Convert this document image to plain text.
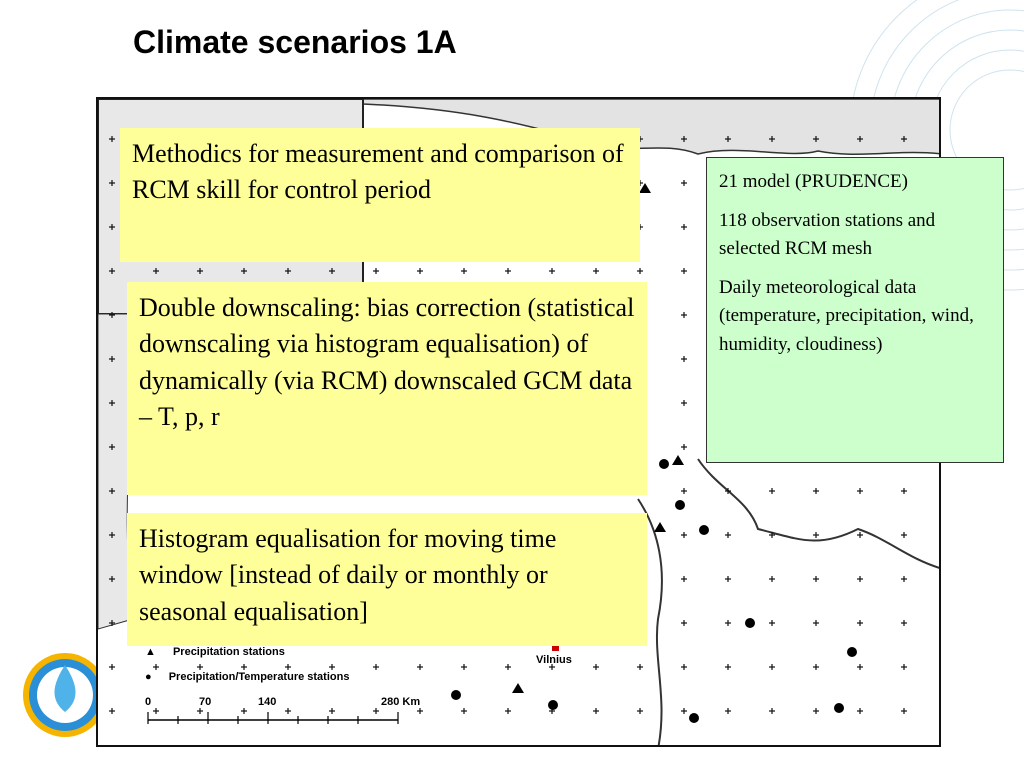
Climate scenarios 1A
▲ Precipitation stations
● Precipitation/Temperature stations
Vilnius
0	70	140	280 Km
Methodics for measurement and comparison of RCM skill for control period
Double downscaling: bias correction (statistical downscaling via histogram equalisation) of dynamically (via RCM) downscaled GCM data – T, p, r
Histogram equalisation for moving time window [instead of daily or monthly or seasonal equalisation]

21 model (PRUDENCE)

118 observation stations and selected RCM mesh

Daily meteorological data (temperature, precipitation, wind, humidity, cloudiness)
